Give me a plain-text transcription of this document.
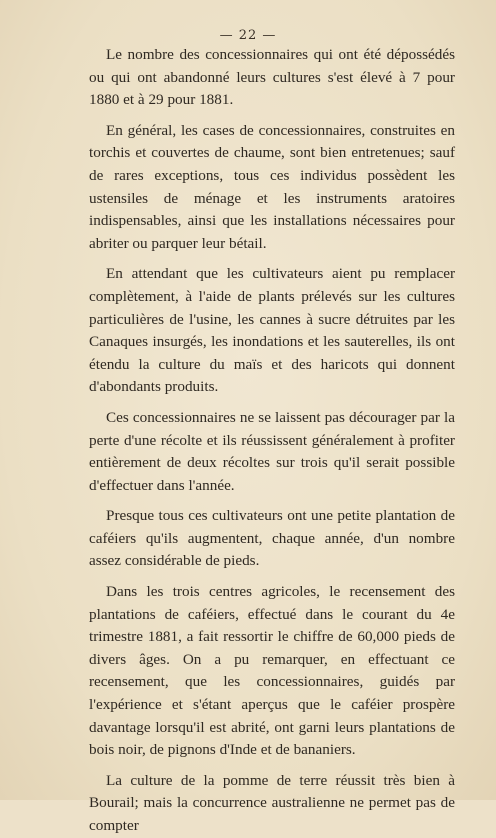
— 22 —

Le nombre des concessionnaires qui ont été dépossédés ou qui ont abandonné leurs cultures s'est élevé à 7 pour 1880 et à 29 pour 1881.

En général, les cases de concessionnaires, construites en torchis et couvertes de chaume, sont bien entretenues; sauf de rares exceptions, tous ces individus possèdent les ustensiles de ménage et les instruments aratoires indispensables, ainsi que les installations nécessaires pour abriter ou parquer leur bétail.

En attendant que les cultivateurs aient pu remplacer complètement, à l'aide de plants prélevés sur les cultures particulières de l'usine, les cannes à sucre détruites par les Canaques insurgés, les inondations et les sauterelles, ils ont étendu la culture du maïs et des haricots qui donnent d'abondants produits.

Ces concessionnaires ne se laissent pas décourager par la perte d'une récolte et ils réussissent généralement à profiter entièrement de deux récoltes sur trois qu'il serait possible d'effectuer dans l'année.

Presque tous ces cultivateurs ont une petite plantation de caféiers qu'ils augmentent, chaque année, d'un nombre assez considérable de pieds.

Dans les trois centres agricoles, le recensement des plantations de caféiers, effectué dans le courant du 4e trimestre 1881, a fait ressortir le chiffre de 60,000 pieds de divers âges. On a pu remarquer, en effectuant ce recensement, que les concessionnaires, guidés par l'expérience et s'étant aperçus que le caféier prospère davantage lorsqu'il est abrité, ont garni leurs plantations de bois noir, de pignons d'Inde et de bananiers.

La culture de la pomme de terre réussit très bien à Bourail; mais la concurrence australienne ne permet pas de compter
